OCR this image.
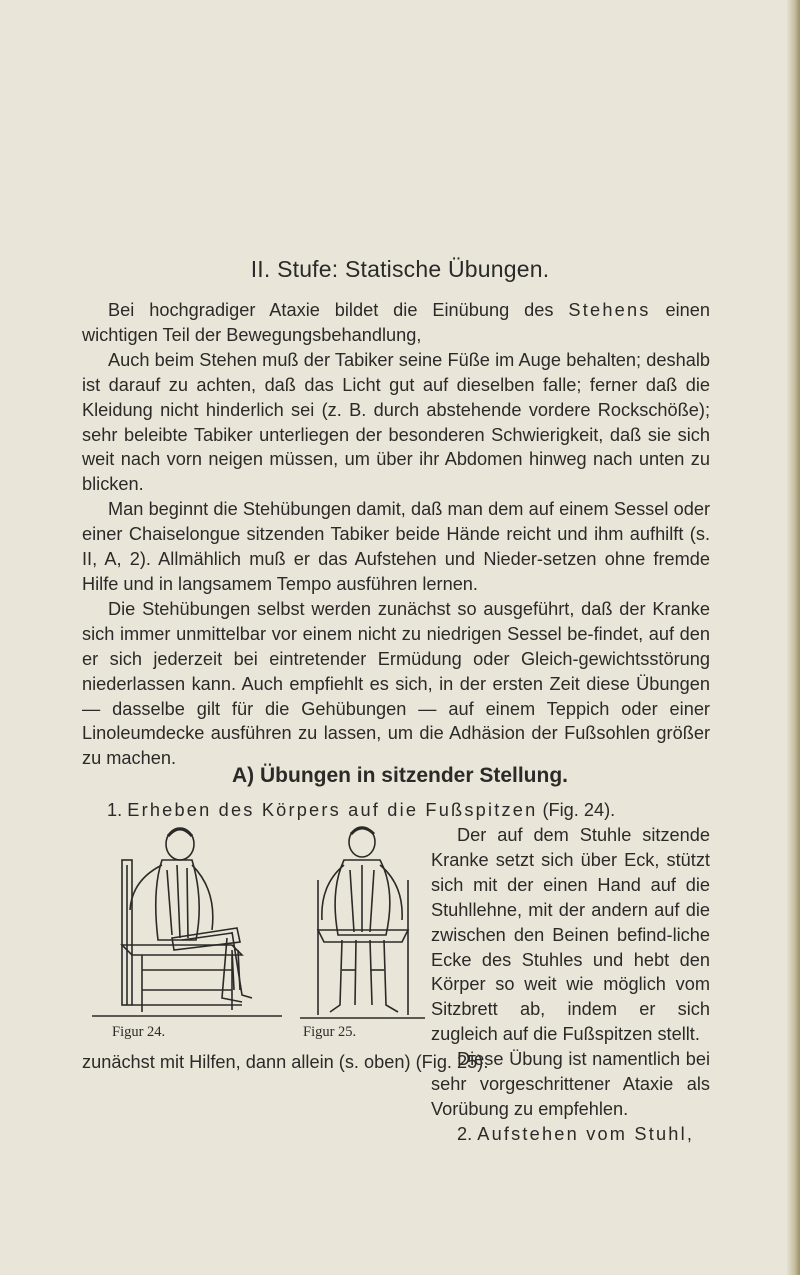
II. Stufe: Statische Übungen.

Bei hochgradiger Ataxie bildet die Einübung des Stehens einen wichtigen Teil der Bewegungsbehandlung,

Auch beim Stehen muß der Tabiker seine Füße im Auge behalten; deshalb ist darauf zu achten, daß das Licht gut auf dieselben falle; ferner daß die Kleidung nicht hinderlich sei (z. B. durch abstehende vordere Rockschöße); sehr beleibte Tabiker unterliegen der besonderen Schwierigkeit, daß sie sich weit nach vorn neigen müssen, um über ihr Abdomen hinweg nach unten zu blicken.

Man beginnt die Stehübungen damit, daß man dem auf einem Sessel oder einer Chaiselongue sitzenden Tabiker beide Hände reicht und ihm aufhilft (s. II, A, 2). Allmählich muß er das Aufstehen und Nieder-setzen ohne fremde Hilfe und in langsamem Tempo ausführen lernen.

Die Stehübungen selbst werden zunächst so ausgeführt, daß der Kranke sich immer unmittelbar vor einem nicht zu niedrigen Sessel be-findet, auf den er sich jederzeit bei eintretender Ermüdung oder Gleich-gewichtsstörung niederlassen kann. Auch empfiehlt es sich, in der ersten Zeit diese Übungen — dasselbe gilt für die Gehübungen — auf einem Teppich oder einer Linoleumdecke ausführen zu lassen, um die Adhäsion der Fußsohlen größer zu machen.

A) Übungen in sitzender Stellung.
1. Erheben des Körpers auf die Fußspitzen (Fig. 24).
Figur 24.	Figur 25.

Der auf dem Stuhle sitzende Kranke setzt sich über Eck, stützt sich mit der einen Hand auf die Stuhllehne, mit der andern auf die zwischen den Beinen befind-liche Ecke des Stuhles und hebt den Körper so weit wie möglich vom Sitzbrett ab, indem er sich zugleich auf die Fußspitzen stellt.

Diese Übung ist namentlich bei sehr vorgeschrittener Ataxie als Vorübung zu empfehlen.

2. Aufstehen vom Stuhl,

zunächst mit Hilfen, dann allein (s. oben) (Fig. 25).
